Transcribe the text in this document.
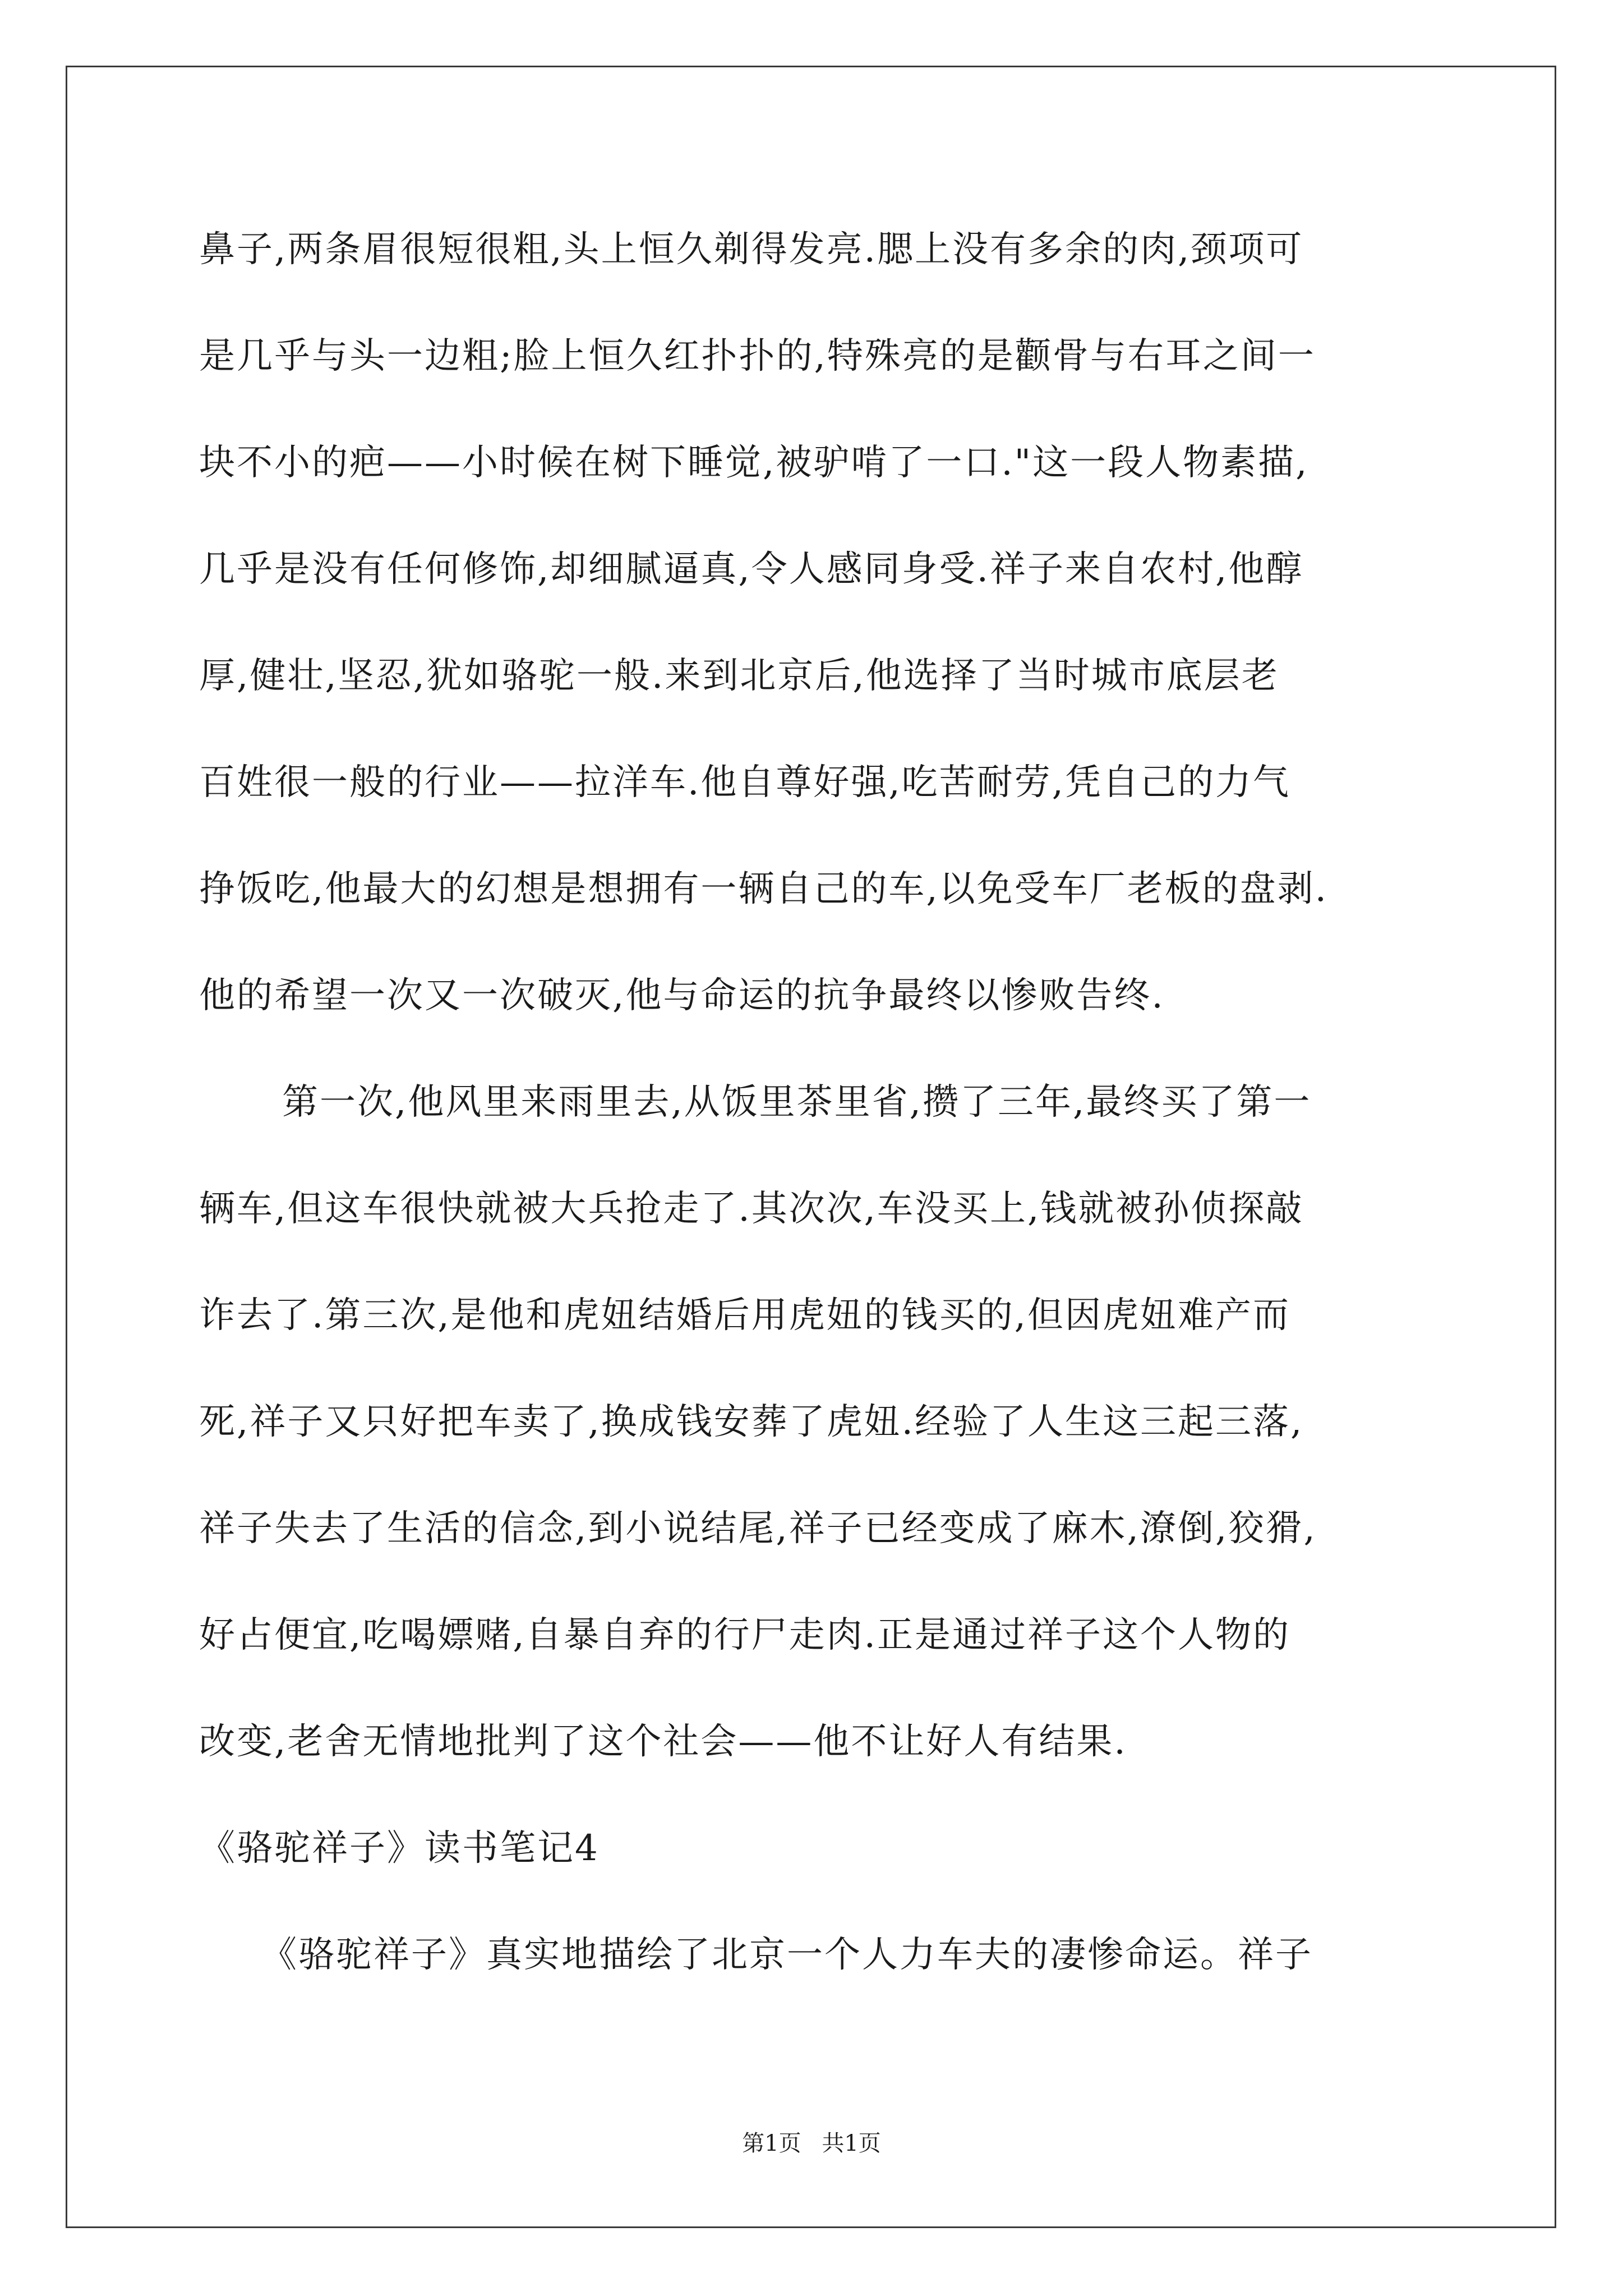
鼻子,两条眉很短很粗,头上恒久剃得发亮.腮上没有多余的肉,颈项可
是几乎与头一边粗;脸上恒久红扑扑的,特殊亮的是颧骨与右耳之间一
块不小的疤——小时候在树下睡觉,被驴啃了一口."这一段人物素描,
几乎是没有任何修饰,却细腻逼真,令人感同身受.祥子来自农村,他醇
厚,健壮,坚忍,犹如骆驼一般.来到北京后,他选择了当时城市底层老
百姓很一般的行业——拉洋车.他自尊好强,吃苦耐劳,凭自己的力气
挣饭吃,他最大的幻想是想拥有一辆自己的车,以免受车厂老板的盘剥.
他的希望一次又一次破灭,他与命运的抗争最终以惨败告终.
第一次,他风里来雨里去,从饭里茶里省,攒了三年,最终买了第一
辆车,但这车很快就被大兵抢走了.其次次,车没买上,钱就被孙侦探敲
诈去了.第三次,是他和虎妞结婚后用虎妞的钱买的,但因虎妞难产而
死,祥子又只好把车卖了,换成钱安葬了虎妞.经验了人生这三起三落,
祥子失去了生活的信念,到小说结尾,祥子已经变成了麻木,潦倒,狡猾,
好占便宜,吃喝嫖赌,自暴自弃的行尸走肉.正是通过祥子这个人物的
改变,老舍无情地批判了这个社会——他不让好人有结果.
《骆驼祥子》读书笔记4
《骆驼祥子》真实地描绘了北京一个人力车夫的凄惨命运。祥子
第1页 共1页
